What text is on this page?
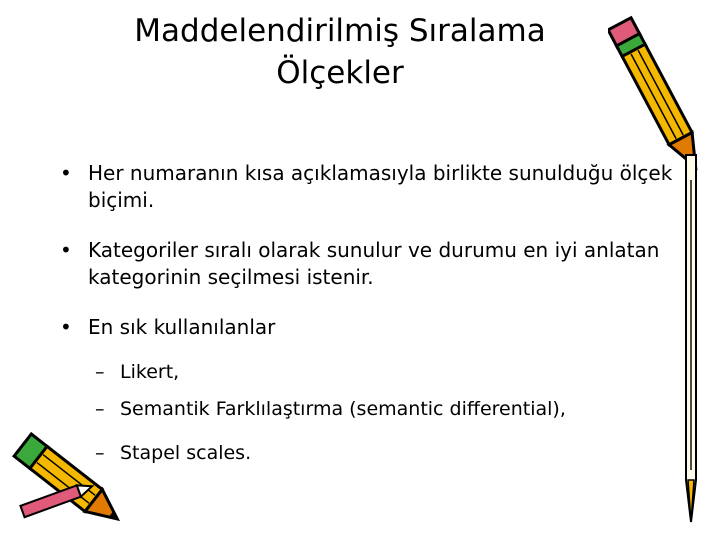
Maddelendirilmiş Sıralama
Ölçekler
• Her numaranın kısa açıklamasıyla birlikte sunulduğu ölçek biçimi.
• Kategoriler sıralı olarak sunulur ve durumu en iyi anlatan kategorinin seçilmesi istenir.
• En sık kullanılanlar
– Likert,
– Semantik Farklılaştırma (semantic differential),
– Stapel scales.
